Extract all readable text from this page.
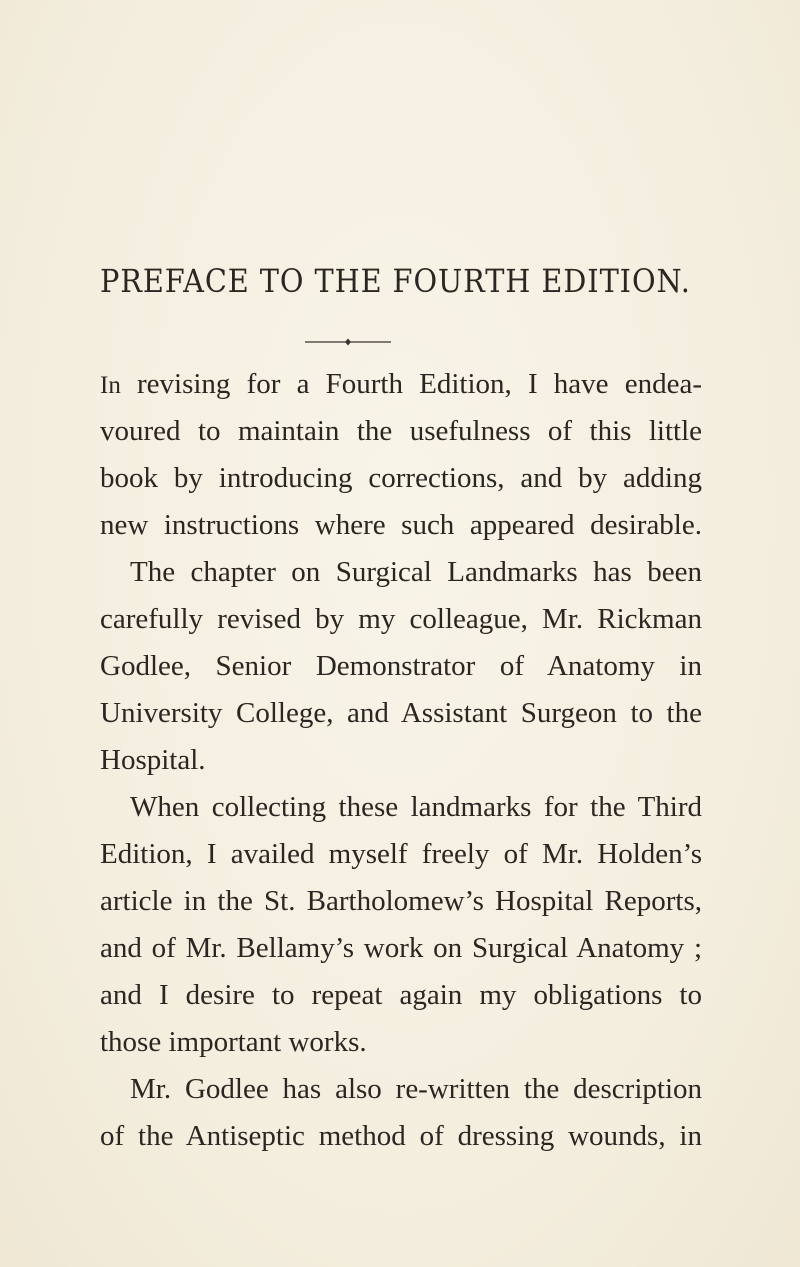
PREFACE TO THE FOURTH EDITION.
In revising for a Fourth Edition, I have endea-
voured to maintain the usefulness of this little
book by introducing corrections, and by adding
new instructions where such appeared desirable.
The chapter on Surgical Landmarks has been
carefully revised by my colleague, Mr. Rickman
Godlee, Senior Demonstrator of Anatomy in
University College, and Assistant Surgeon to the
Hospital.
When collecting these landmarks for the Third
Edition, I availed myself freely of Mr. Holden’s
article in the St. Bartholomew’s Hospital Reports,
and of Mr. Bellamy’s work on Surgical Anatomy ;
and I desire to repeat again my obligations to
those important works.
Mr. Godlee has also re-written the description
of the Antiseptic method of dressing wounds, in
